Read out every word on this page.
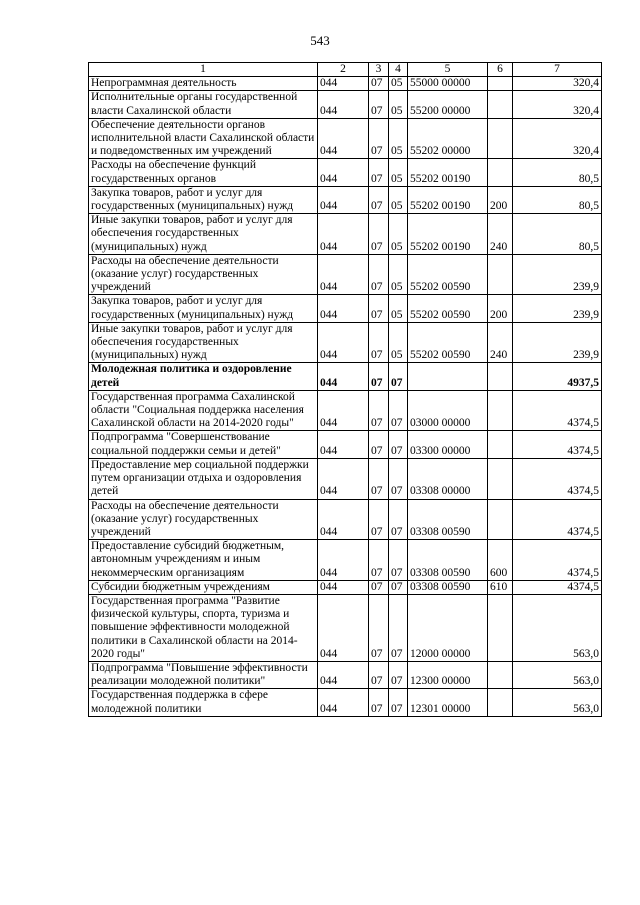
543
1	2	3	4	5	6	7
Непрограммная деятельность	044	07	05	55000 00000		320,4
Исполнительные органы государственной власти Сахалинской области	044	07	05	55200 00000		320,4
Обеспечение деятельности органов исполнительной власти Сахалинской области и подведомственных им учреждений	044	07	05	55202 00000		320,4
Расходы на обеспечение функций государственных органов	044	07	05	55202 00190		80,5
Закупка товаров, работ и услуг для государственных (муниципальных) нужд	044	07	05	55202 00190	200	80,5
Иные закупки товаров, работ и услуг для обеспечения государственных (муниципальных) нужд	044	07	05	55202 00190	240	80,5
Расходы на обеспечение деятельности (оказание услуг) государственных учреждений	044	07	05	55202 00590		239,9
Закупка товаров, работ и услуг для государственных (муниципальных) нужд	044	07	05	55202 00590	200	239,9
Иные закупки товаров, работ и услуг для обеспечения государственных (муниципальных) нужд	044	07	05	55202 00590	240	239,9
Молодежная политика и оздоровление детей	044	07	07			4937,5
Государственная программа Сахалинской области "Социальная поддержка населения Сахалинской области на 2014-2020 годы"	044	07	07	03000 00000		4374,5
Подпрограмма "Совершенствование социальной поддержки семьи и детей"	044	07	07	03300 00000		4374,5
Предоставление мер социальной поддержки путем организации отдыха и оздоровления детей	044	07	07	03308 00000		4374,5
Расходы на обеспечение деятельности (оказание услуг) государственных учреждений	044	07	07	03308 00590		4374,5
Предоставление субсидий бюджетным, автономным учреждениям и иным некоммерческим организациям	044	07	07	03308 00590	600	4374,5
Субсидии бюджетным учреждениям	044	07	07	03308 00590	610	4374,5
Государственная программа "Развитие физической культуры, спорта, туризма и повышение эффективности молодежной политики в Сахалинской области на 2014-2020 годы"	044	07	07	12000 00000		563,0
Подпрограмма "Повышение эффективности реализации молодежной политики"	044	07	07	12300 00000		563,0
Государственная поддержка в сфере молодежной политики	044	07	07	12301 00000		563,0
